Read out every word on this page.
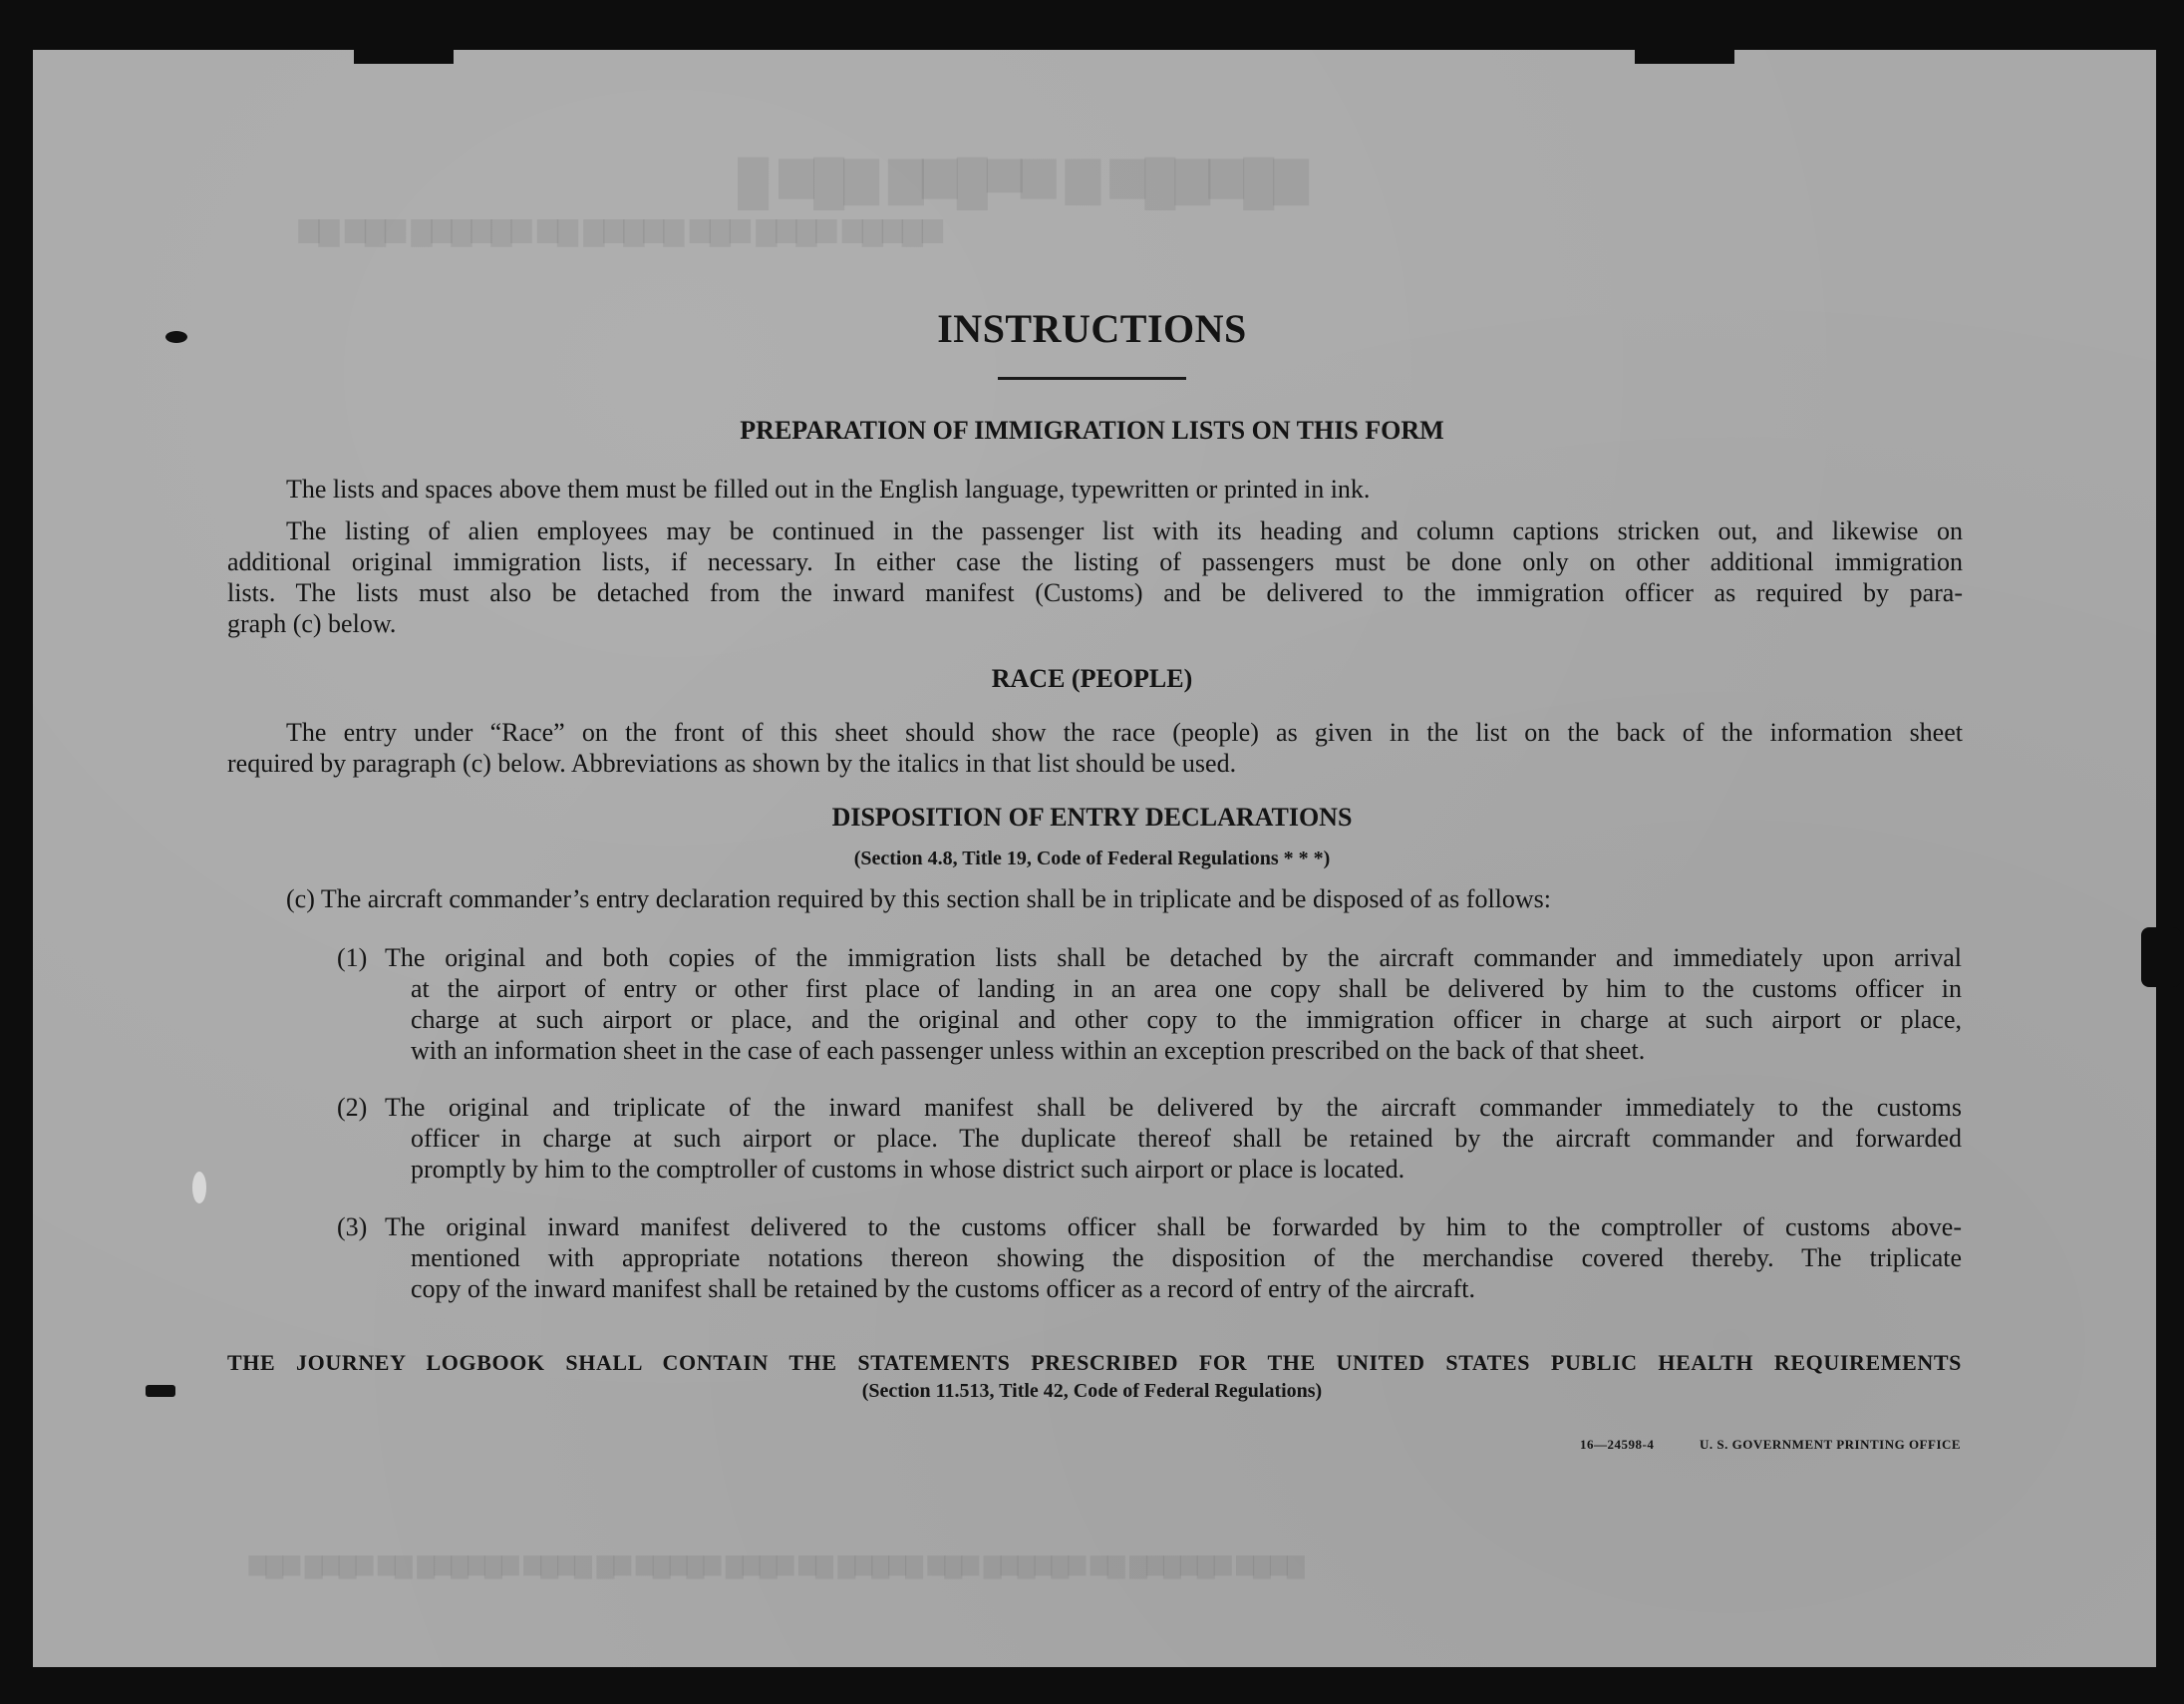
INSTRUCTIONS
PREPARATION OF IMMIGRATION LISTS ON THIS FORM
The lists and spaces above them must be filled out in the English language, typewritten or printed in ink.
The listing of alien employees may be continued in the passenger list with its heading and column captions stricken out, and likewise on
additional original immigration lists, if necessary. In either case the listing of passengers must be done only on other additional immigration
lists. The lists must also be detached from the inward manifest (Customs) and be delivered to the immigration officer as required by para-
graph (c) below.
RACE (PEOPLE)
The entry under “Race” on the front of this sheet should show the race (people) as given in the list on the back of the information sheet
required by paragraph (c) below. Abbreviations as shown by the italics in that list should be used.
DISPOSITION OF ENTRY DECLARATIONS
(Section 4.8, Title 19, Code of Federal Regulations * * *)
(c) The aircraft commander’s entry declaration required by this section shall be in triplicate and be disposed of as follows:
(1) The original and both copies of the immigration lists shall be detached by the aircraft commander and immediately upon arrival
at the airport of entry or other first place of landing in an area one copy shall be delivered by him to the customs officer in
charge at such airport or place, and the original and other copy to the immigration officer in charge at such airport or place,
with an information sheet in the case of each passenger unless within an exception prescribed on the back of that sheet.
(2) The original and triplicate of the inward manifest shall be delivered by the aircraft commander immediately to the customs
officer in charge at such airport or place. The duplicate thereof shall be retained by the aircraft commander and forwarded
promptly by him to the comptroller of customs in whose district such airport or place is located.
(3) The original inward manifest delivered to the customs officer shall be forwarded by him to the comptroller of customs above-
mentioned with appropriate notations thereon showing the disposition of the merchandise covered thereby. The triplicate
copy of the inward manifest shall be retained by the customs officer as a record of entry of the aircraft.
THE JOURNEY LOGBOOK SHALL CONTAIN THE STATEMENTS PRESCRIBED FOR THE UNITED STATES PUBLIC HEALTH REQUIREMENTS
(Section 11.513, Title 42, Code of Federal Regulations)
16—24598-4	U. S. GOVERNMENT PRINTING OFFICE
